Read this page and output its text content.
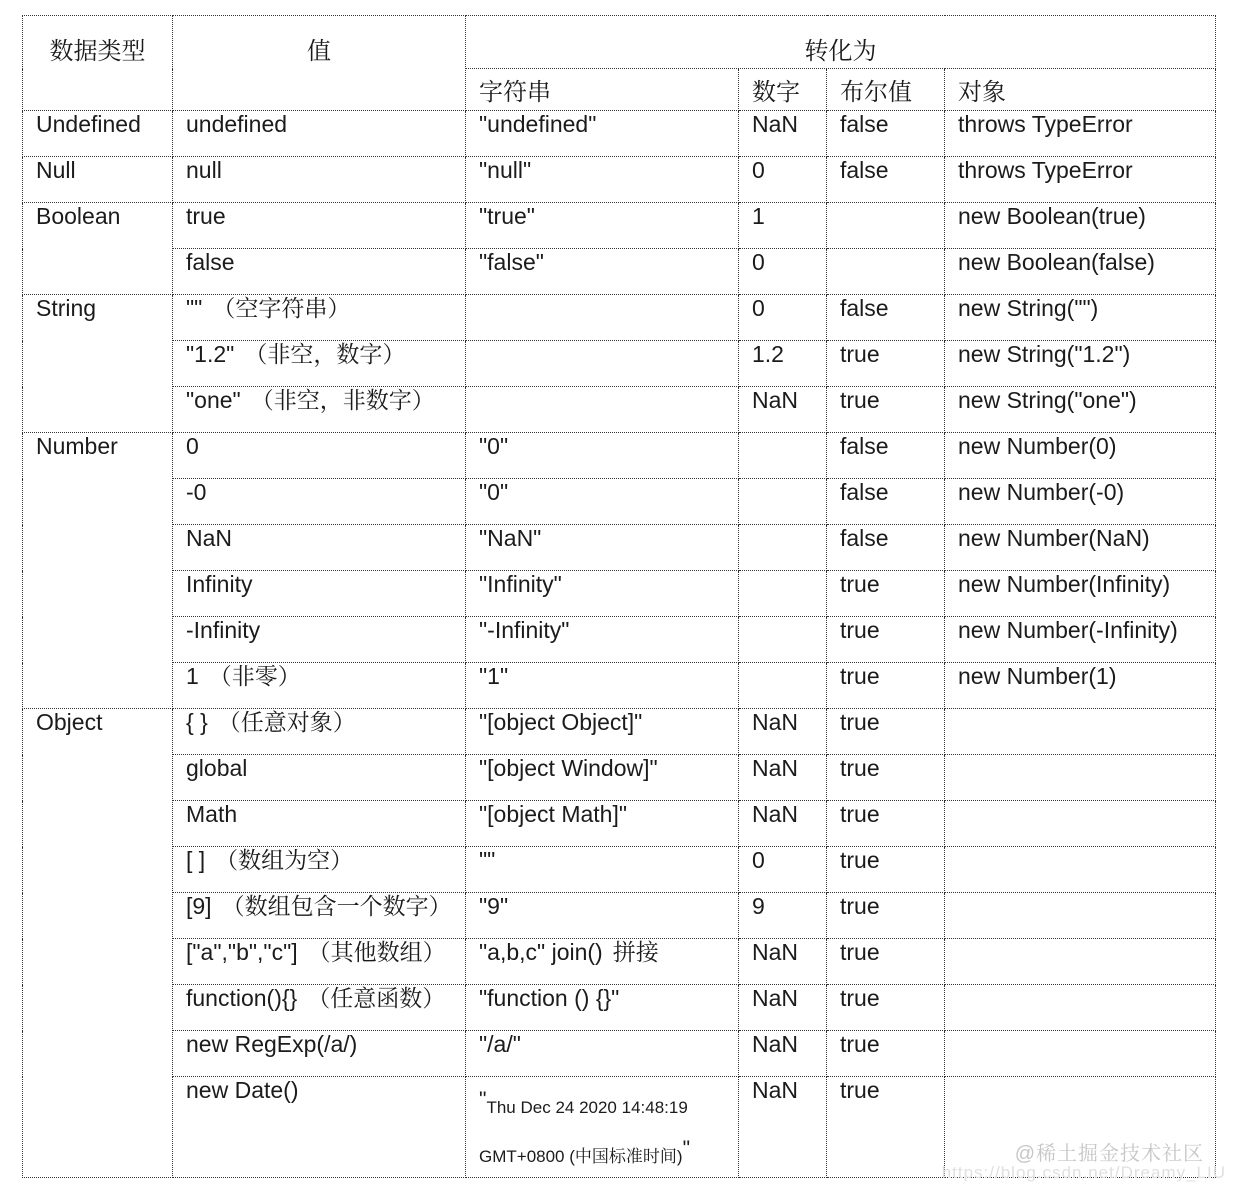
数据类型	值	转化为			
		字符串	数字	布尔值	对象
Undefined	undefined	"undefined"	NaN	false	throws TypeError
Null	null	"null"	0	false	throws TypeError
Boolean	true	"true"	1		new Boolean(true)
	false	"false"	0		new Boolean(false)
String	"" （空字符串）		0	false	new String("")
	"1.2" （非空，数字）		1.2	true	new String("1.2")
	"one" （非空，非数字）		NaN	true	new String("one")
Number	0	"0"		false	new Number(0)
	-0	"0"		false	new Number(-0)
	NaN	"NaN"		false	new Number(NaN)
	Infinity	"Infinity"		true	new Number(Infinity)
	-Infinity	"-Infinity"		true	new Number(-Infinity)
	1 （非零）	"1"		true	new Number(1)
Object	{ } （任意对象）	"[object Object]"	NaN	true	
	global	"[object Window]"	NaN	true	
	Math	"[object Math]"	NaN	true	
	[ ] （数组为空）	""	0	true	
	[9] （数组包含一个数字）	"9"	9	true	
	["a","b","c"] （其他数组）	"a,b,c" join() 拼接	NaN	true	
	function(){} （任意函数）	"function () {}"	NaN	true	
	new RegExp(/a/)	"/a/"	NaN	true	
	new Date()	"Thu Dec 24 2020 14:48:19
GMT+0800 (中国标准时间)"	NaN	true	
@稀土掘金技术社区
https://blog.csdn.net/Dreamy_LIU
